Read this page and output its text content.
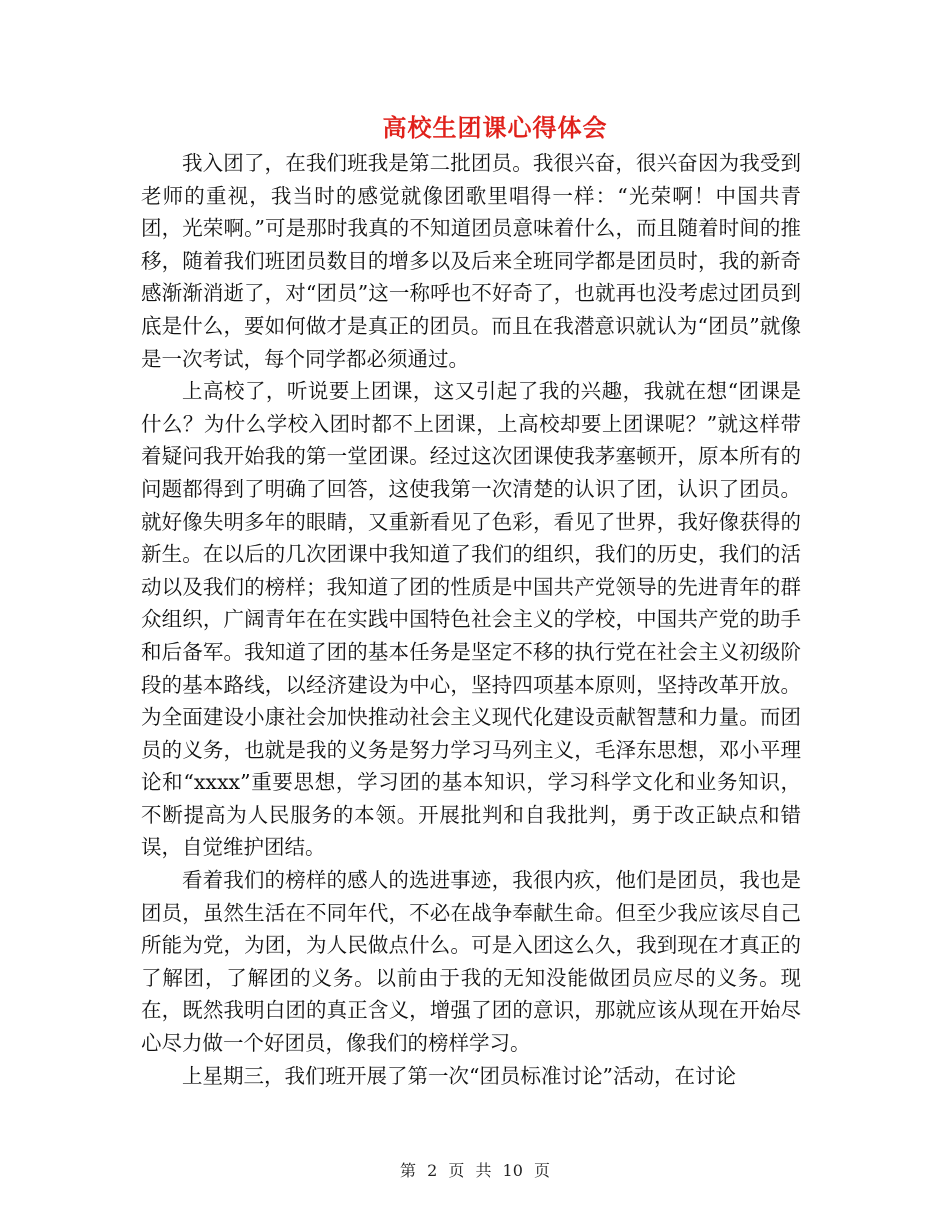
高校生团课心得体会

我入团了，在我们班我是第二批团员。我很兴奋，很兴奋因为我受到老师的重视，我当时的感觉就像团歌里唱得一样：“光荣啊！中国共青团，光荣啊。”可是那时我真的不知道团员意味着什么，而且随着时间的推移，随着我们班团员数目的增多以及后来全班同学都是团员时，我的新奇感渐渐消逝了，对“团员”这一称呼也不好奇了，也就再也没考虑过团员到底是什么，要如何做才是真正的团员。而且在我潜意识就认为“团员”就像是一次考试，每个同学都必须通过。

上高校了，听说要上团课，这又引起了我的兴趣，我就在想“团课是什么？为什么学校入团时都不上团课，上高校却要上团课呢？”就这样带着疑问我开始我的第一堂团课。经过这次团课使我茅塞顿开，原本所有的问题都得到了明确了回答，这使我第一次清楚的认识了团，认识了团员。就好像失明多年的眼睛，又重新看见了色彩，看见了世界，我好像获得的新生。在以后的几次团课中我知道了我们的组织，我们的历史，我们的活动以及我们的榜样；我知道了团的性质是中国共产党领导的先进青年的群众组织，广阔青年在在实践中国特色社会主义的学校，中国共产党的助手和后备军。我知道了团的基本任务是坚定不移的执行党在社会主义初级阶段的基本路线，以经济建设为中心，坚持四项基本原则，坚持改革开放。为全面建设小康社会加快推动社会主义现代化建设贡献智慧和力量。而团员的义务，也就是我的义务是努力学习马列主义，毛泽东思想，邓小平理论和“xxxx”重要思想，学习团的基本知识，学习科学文化和业务知识，不断提高为人民服务的本领。开展批判和自我批判，勇于改正缺点和错误，自觉维护团结。

看着我们的榜样的感人的选进事迹，我很内疚，他们是团员，我也是团员，虽然生活在不同年代，不必在战争奉献生命。但至少我应该尽自己所能为党，为团，为人民做点什么。可是入团这么久，我到现在才真正的了解团，了解团的义务。以前由于我的无知没能做团员应尽的义务。现在，既然我明白团的真正含义，增强了团的意识，那就应该从现在开始尽心尽力做一个好团员，像我们的榜样学习。

上星期三，我们班开展了第一次“团员标准讨论”活动，在讨论

第 2 页 共 10 页
